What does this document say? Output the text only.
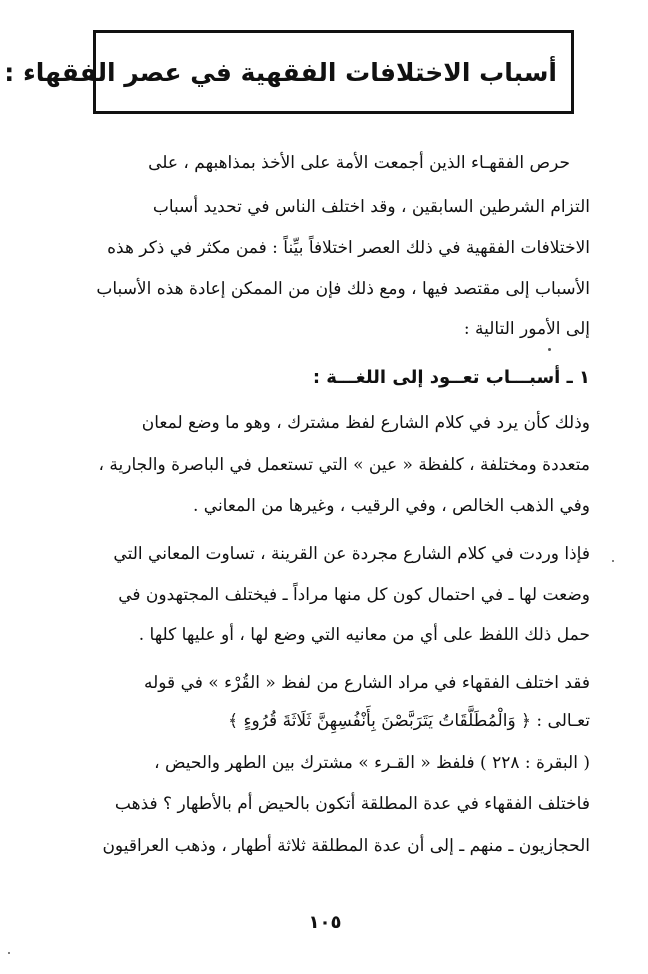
أسباب الاختلافات الفقهية في عصر الفقهاء :
حرص الفقهـاء الذين أجمعت الأمة على الأخذ بمذاهبهم ، على
التزام الشرطين السابقين ، وقد اختلف الناس في تحديد أسباب
الاختلافات الفقهية في ذلك العصر اختلافاً بيِّناً : فمن مكثر في ذكر هذه
الأسباب إلى مقتصد فيها ، ومع ذلك فإن من الممكن إعادة هذه الأسباب
إلى الأمور التالية :
١ ـ أسبـــاب تعــود إلى اللغـــة :
وذلك كأن يرد في كلام الشارع لفظ مشترك ، وهو ما وضع لمعان
متعددة ومختلفة ، كلفظة « عين » التي تستعمل في الباصرة والجارية ،
وفي الذهب الخالص ، وفي الرقيب ، وغيرها من المعاني .
فإذا وردت في كلام الشارع مجردة عن القرينة ، تساوت المعاني التي
وضعت لها ـ في احتمال كون كل منها مراداً ـ فيختلف المجتهدون في
حمل ذلك اللفظ على أي من معانيه التي وضع لها ، أو عليها كلها .
فقد اختلف الفقهاء في مراد الشارع من لفظ « القُرْء » في قوله
تعـالى : ﴿ وَالْمُطَلَّقَاتُ يَتَرَبَّصْنَ بِأَنْفُسِهِنَّ ثَلَاثَةَ قُرُوءٍ ﴾
( البقرة : ٢٢٨ ) فلفظ « القـرء » مشترك بين الطهر والحيض ،
فاختلف الفقهاء في عدة المطلقة أتكون بالحيض أم بالأطهار ؟ فذهب
الحجازيون ـ منهم ـ إلى أن عدة المطلقة ثلاثة أطهار ، وذهب العراقيون
١٠٥
